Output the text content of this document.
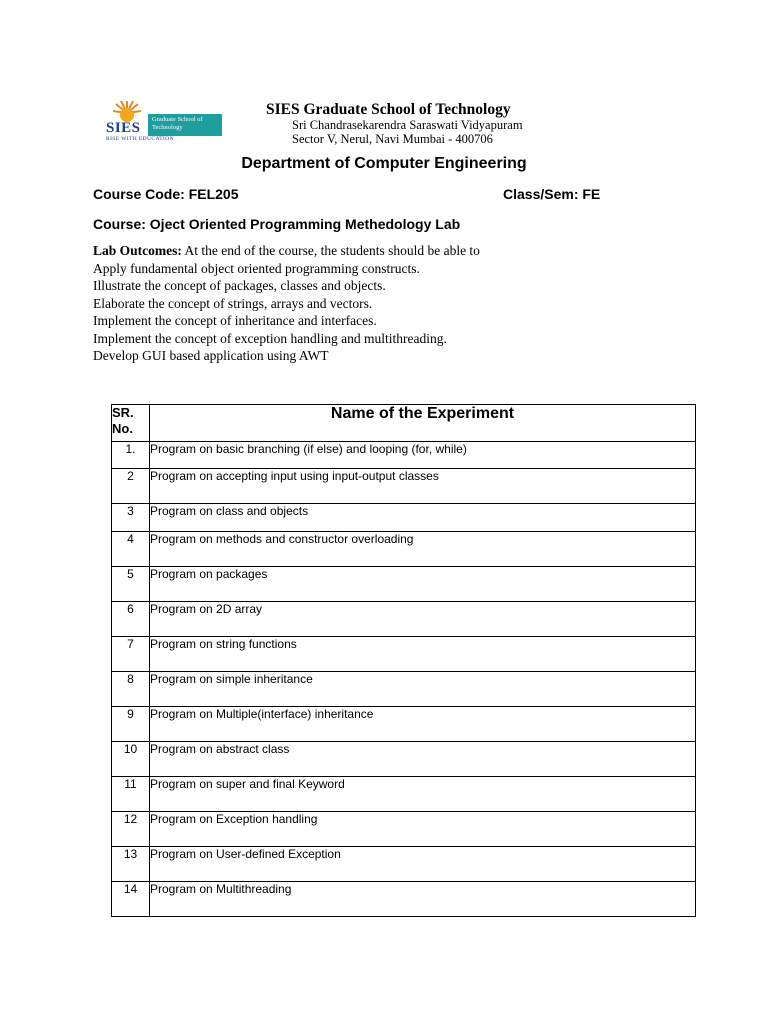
SIES
Graduate School of Technology
RISE WITH EDUCATION
SIES Graduate School of Technology
Sri Chandrasekarendra Saraswati Vidyapuram
Sector V, Nerul, Navi Mumbai - 400706
Department of Computer Engineering
Course Code: FEL205	Class/Sem: FE
Course: Oject Oriented Programming Methedology Lab
Lab Outcomes: At the end of the course, the students should be able to
Apply fundamental object oriented programming constructs.
Illustrate the concept of packages, classes and objects.
Elaborate the concept of strings, arrays and vectors.
Implement the concept of inheritance and interfaces.
Implement the concept of exception handling and multithreading.
Develop GUI based application using AWT
SR. No.	Name of the Experiment
1.	Program on basic branching (if else) and looping (for, while)
2	Program on accepting input using input-output classes
3	Program on class and objects
4	Program on methods and constructor overloading
5	Program on packages
6	Program on 2D array
7	Program on string functions
8	Program on simple inheritance
9	Program on Multiple(interface) inheritance
10	Program on abstract class
11	Program on super and final Keyword
12	Program on Exception handling
13	Program on User-defined Exception
14	Program on Multithreading
